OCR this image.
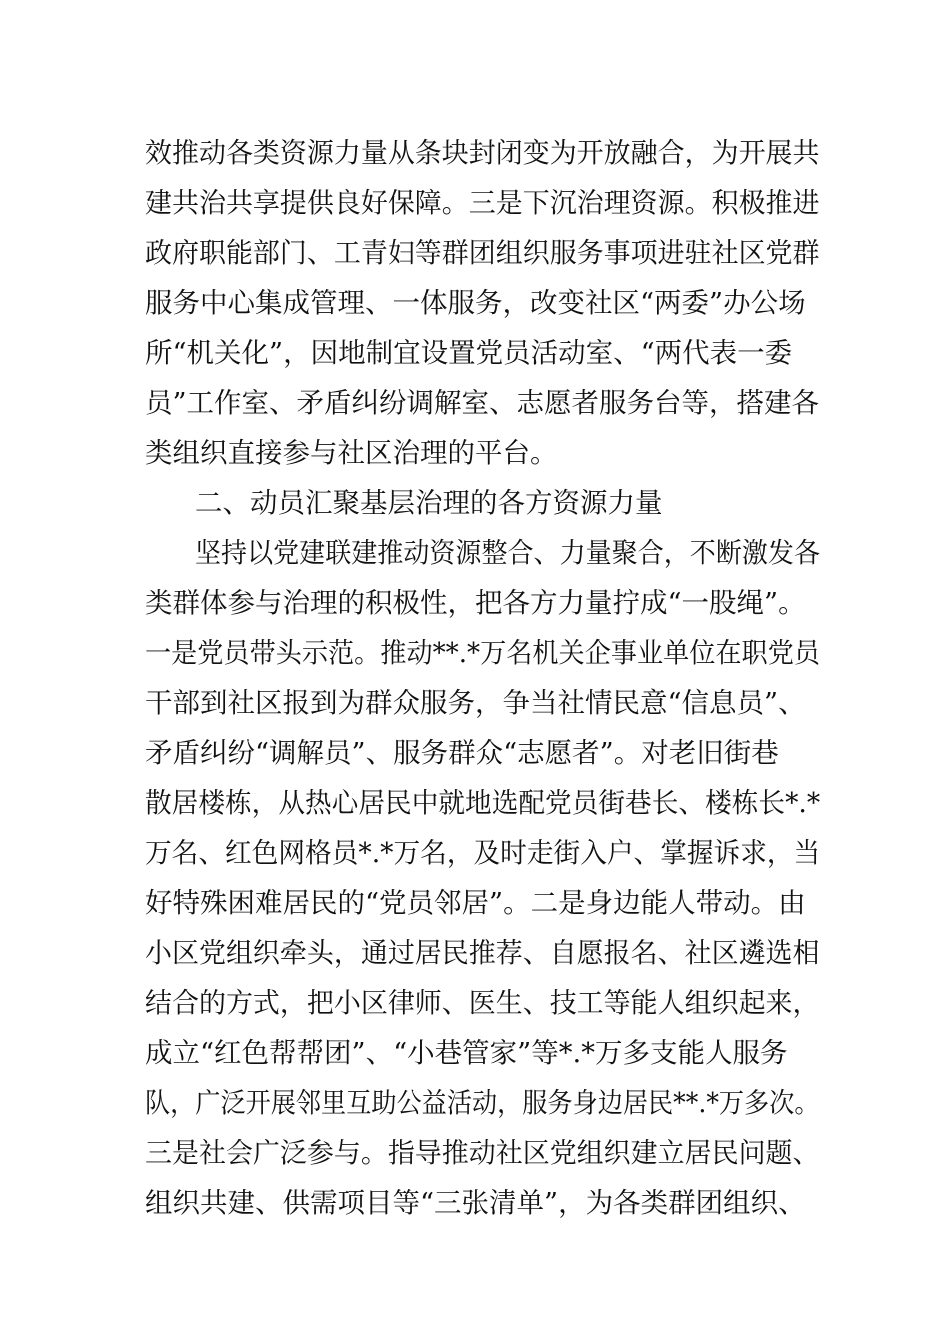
效推动各类资源力量从条块封闭变为开放融合，为开展共
建共治共享提供良好保障。三是下沉治理资源。积极推进
政府职能部门、工青妇等群团组织服务事项进驻社区党群
服务中心集成管理、一体服务，改变社区“两委”办公场
所“机关化”，因地制宜设置党员活动室、“两代表一委
员”工作室、矛盾纠纷调解室、志愿者服务台等，搭建各
类组织直接参与社区治理的平台。
二、动员汇聚基层治理的各方资源力量
坚持以党建联建推动资源整合、力量聚合，不断激发各
类群体参与治理的积极性，把各方力量拧成“一股绳”。
一是党员带头示范。推动**.*万名机关企事业单位在职党员
干部到社区报到为群众服务，争当社情民意“信息员”、
矛盾纠纷“调解员”、服务群众“志愿者”。对老旧街巷
散居楼栋，从热心居民中就地选配党员街巷长、楼栋长*.*
万名、红色网格员*.*万名，及时走街入户、掌握诉求，当
好特殊困难居民的“党员邻居”。二是身边能人带动。由
小区党组织牵头，通过居民推荐、自愿报名、社区遴选相
结合的方式，把小区律师、医生、技工等能人组织起来，
成立“红色帮帮团”、“小巷管家”等*.*万多支能人服务
队，广泛开展邻里互助公益活动，服务身边居民**.*万多次。
三是社会广泛参与。指导推动社区党组织建立居民问题、
组织共建、供需项目等“三张清单”，为各类群团组织、
